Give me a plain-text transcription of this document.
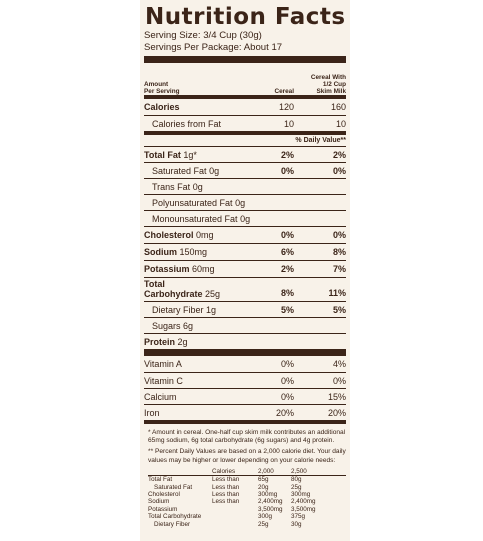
Nutrition Facts
Serving Size: 3/4 Cup (30g)
Servings Per Package: About 17
Amount
Per Serving	Cereal
Cereal With
1/2 Cup
Skim Milk
Calories	120	160
Calories from Fat	10	10
% Daily Value**
Total Fat 1g*	2%	2%
Saturated Fat 0g	0%	0%
Trans Fat 0g
Polyunsaturated Fat 0g
Monounsaturated Fat 0g
Cholesterol 0mg	0%	0%
Sodium 150mg	6%	8%
Potassium 60mg	2%	7%
Total
Carbohydrate 25g	8%	11%
Dietary Fiber 1g	5%	5%
Sugars 6g
Protein 2g
Vitamin A	0%	4%
Vitamin C	0%	0%
Calcium	0%	15%
Iron	20%	20%

* Amount in cereal. One-half cup skim milk contributes an additional 65mg sodium, 6g total carbohydrate (6g sugars) and 4g protein.

** Percent Daily Values are based on a 2,000 calorie diet. Your daily values may be higher or lower depending on your calorie needs:

	Calories	2,000	2,500
Total Fat	Less than	65g	80g
Saturated Fat	Less than	20g	25g
Cholesterol	Less than	300mg	300mg
Sodium	Less than	2,400mg	2,400mg
Potassium		3,500mg	3,500mg
Total Carbohydrate		300g	375g
Dietary Fiber		25g	30g
